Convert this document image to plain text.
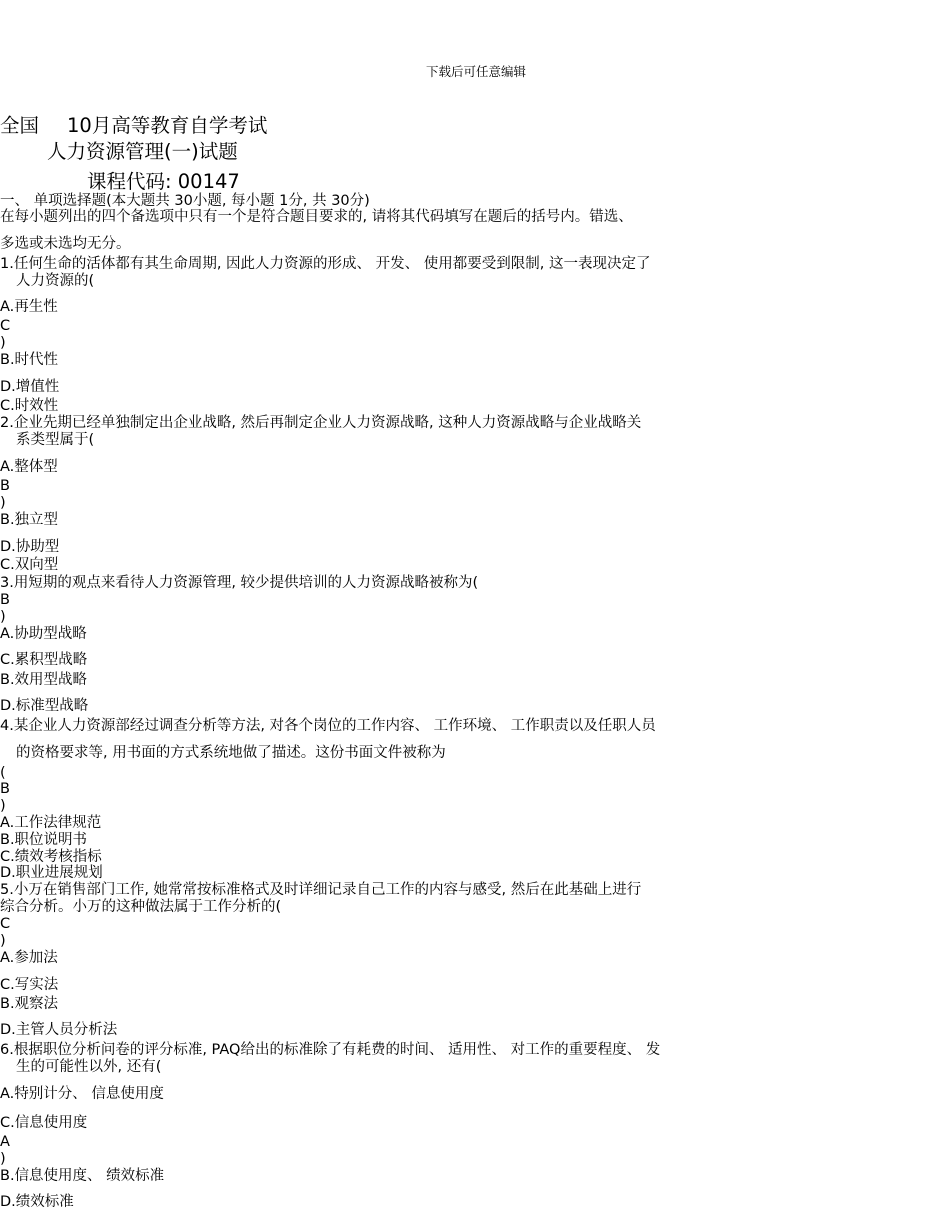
下载后可任意编辑
全国 10月高等教育自学考试
人力资源管理(一)试题
课程代码: 00147
一、 单项选择题(本大题共 30小题, 每小题 1分, 共 30分)
在每小题列出的四个备选项中只有一个是符合题目要求的, 请将其代码填写在题后的括号内。错选、
多选或未选均无分。
1.任何生命的活体都有其生命周期, 因此人力资源的形成、 开发、 使用都要受到限制, 这一表现决定了
人力资源的(
A.再生性
C
)
B.时代性
D.增值性
C.时效性
2.企业先期已经单独制定出企业战略, 然后再制定企业人力资源战略, 这种人力资源战略与企业战略关
系类型属于(
A.整体型
B
)
B.独立型
D.协助型
C.双向型
3.用短期的观点来看待人力资源管理, 较少提供培训的人力资源战略被称为(
B
)
A.协助型战略
C.累积型战略
B.效用型战略
D.标准型战略
4.某企业人力资源部经过调查分析等方法, 对各个岗位的工作内容、 工作环境、 工作职责以及任职人员
的资格要求等, 用书面的方式系统地做了描述。这份书面文件被称为
(
B
)
A.工作法律规范
B.职位说明书
C.绩效考核指标
D.职业进展规划
5.小万在销售部门工作, 她常常按标准格式及时详细记录自己工作的内容与感受, 然后在此基础上进行
综合分析。小万的这种做法属于工作分析的(
C
)
A.参加法
C.写实法
B.观察法
D.主管人员分析法
6.根据职位分析问卷的评分标准, PAQ给出的标准除了有耗费的时间、 适用性、 对工作的重要程度、 发
生的可能性以外, 还有(
A.特别计分、 信息使用度
C.信息使用度
A
)
B.信息使用度、 绩效标准
D.绩效标准
